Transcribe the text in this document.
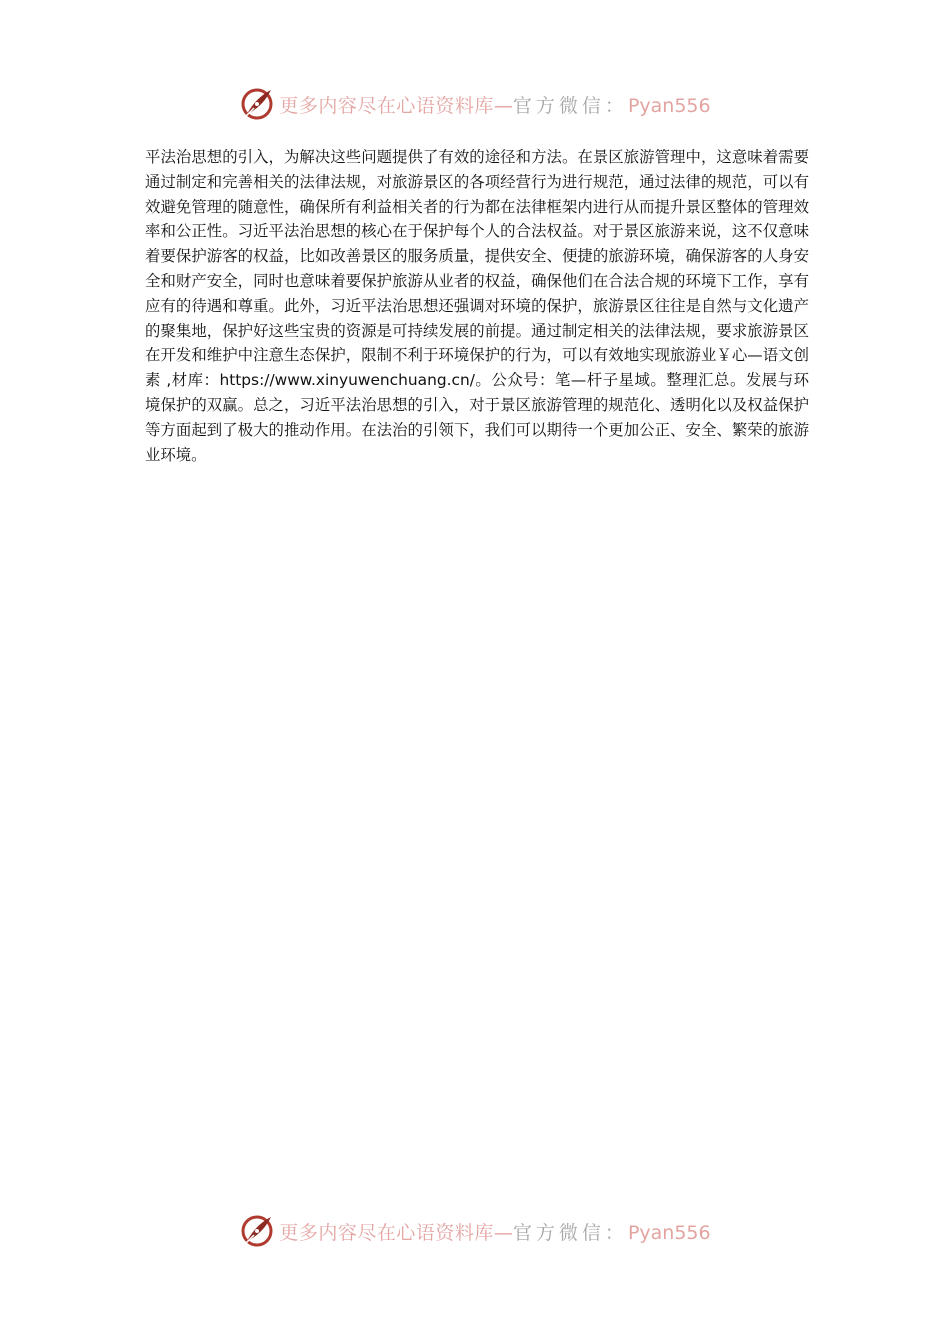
更多内容尽在心语资料库 — 官方微信： Pyan556
平法治思想的引入，为解决这些问题提供了有效的途径和方法。在景区旅游管理中，这意味着需要通过制定和完善相关的法律法规，对旅游景区的各项经营行为进行规范，通过法律的规范，可以有效避免管理的随意性，确保所有利益相关者的行为都在法律框架内进行从而提升景区整体的管理效率和公正性。习近平法治思想的核心在于保护每个人的合法权益。对于景区旅游来说，这不仅意味着要保护游客的权益，比如改善景区的服务质量，提供安全、便捷的旅游环境，确保游客的人身安全和财产安全，同时也意味着要保护旅游从业者的权益，确保他们在合法合规的环境下工作，享有应有的待遇和尊重。此外，习近平法治思想还强调对环境的保护，旅游景区往往是自然与文化遗产的聚集地，保护好这些宝贵的资源是可持续发展的前提。通过制定相关的法律法规，要求旅游景区在开发和维护中注意生态保护，限制不利于环境保护的行为，可以有效地实现旅游业￥心—语文创素 ,材库：https://www.xinyuwenchuang.cn/。公众号：笔—杆子星域。整理汇总。发展与环境保护的双赢。总之，习近平法治思想的引入，对于景区旅游管理的规范化、透明化以及权益保护等方面起到了极大的推动作用。在法治的引领下，我们可以期待一个更加公正、安全、繁荣的旅游业环境。
更多内容尽在心语资料库 — 官方微信： Pyan556
